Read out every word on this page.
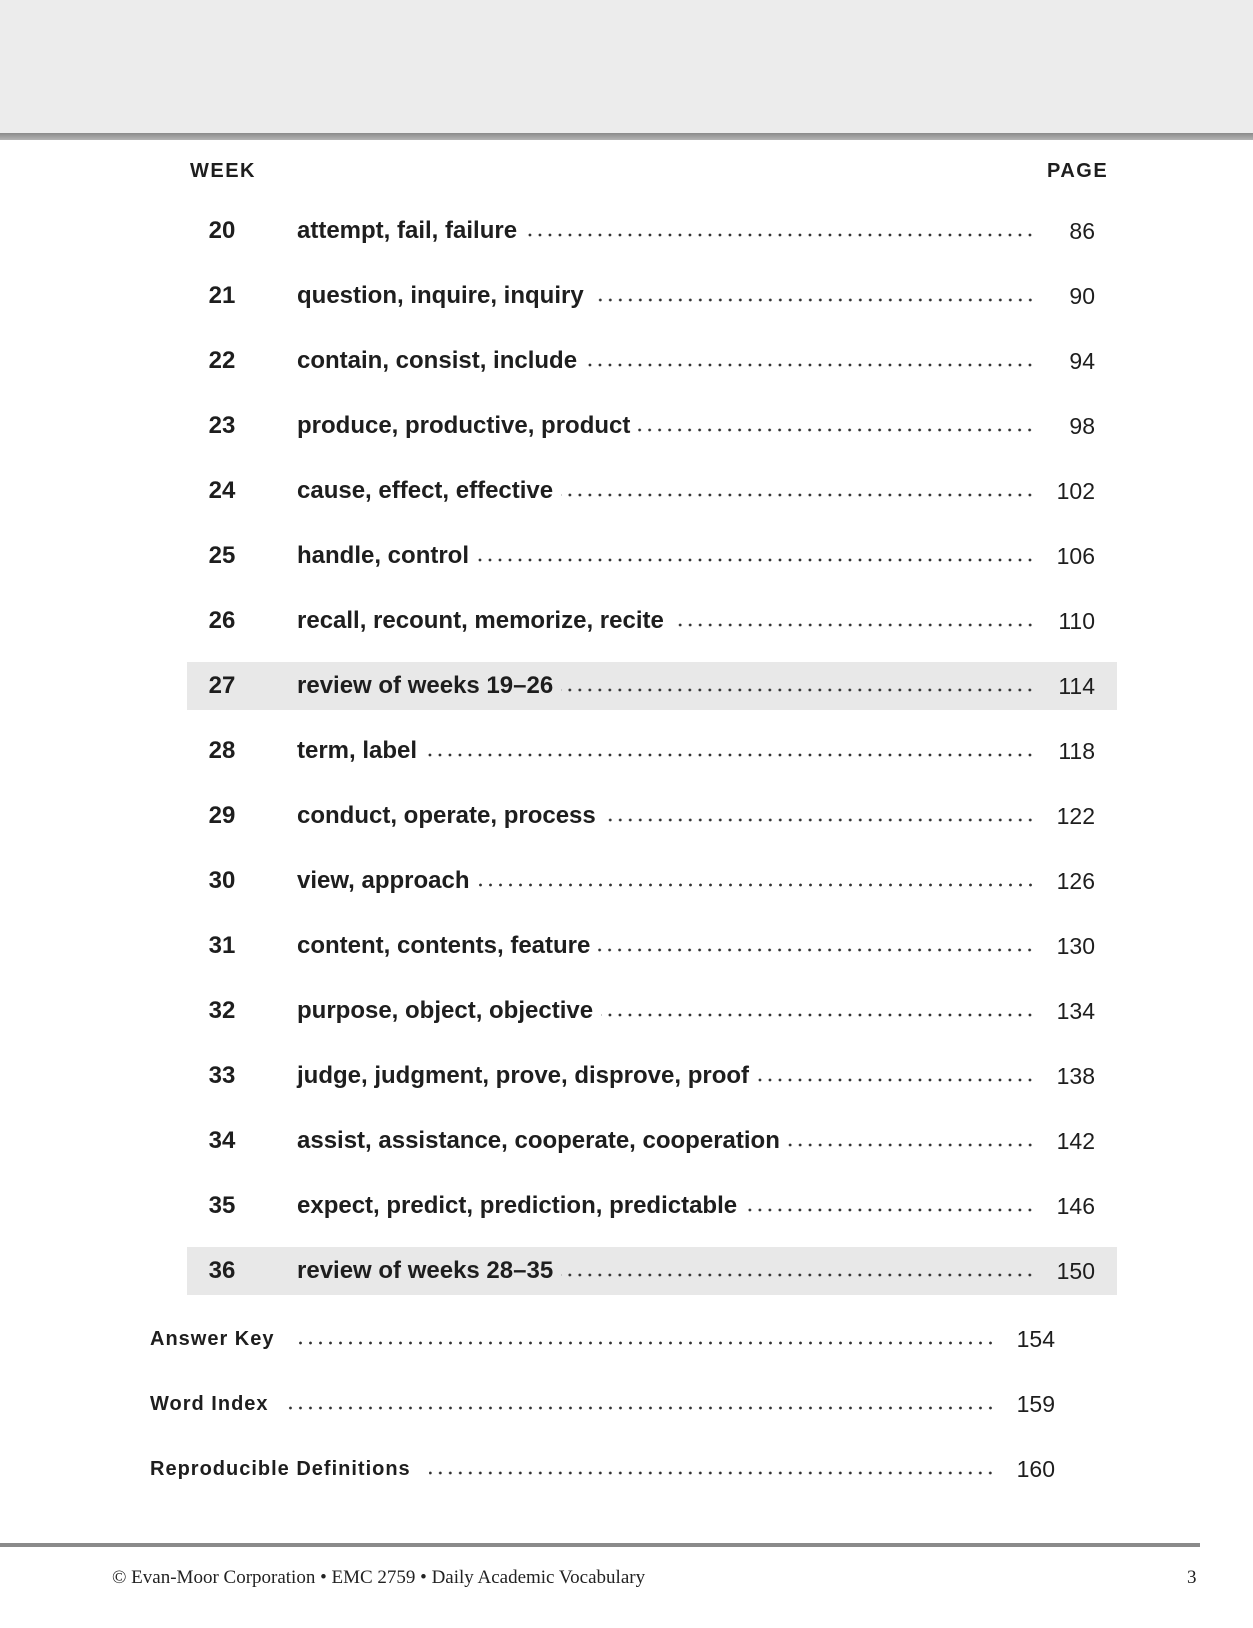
WEEK	PAGE
20	attempt, fail, failure	86
21	question, inquire, inquiry	90
22	contain, consist, include	94
23	produce, productive, product	98
24	cause, effect, effective	102
25	handle, control	106
26	recall, recount, memorize, recite	110
27	review of weeks 19–26	114
28	term, label	118
29	conduct, operate, process	122
30	view, approach	126
31	content, contents, feature	130
32	purpose, object, objective	134
33	judge, judgment, prove, disprove, proof	138
34	assist, assistance, cooperate, cooperation	142
35	expect, predict, prediction, predictable	146
36	review of weeks 28–35	150
Answer Key	154
Word Index	159
Reproducible Definitions	160
© Evan-Moor Corporation • EMC 2759 • Daily Academic Vocabulary	3
